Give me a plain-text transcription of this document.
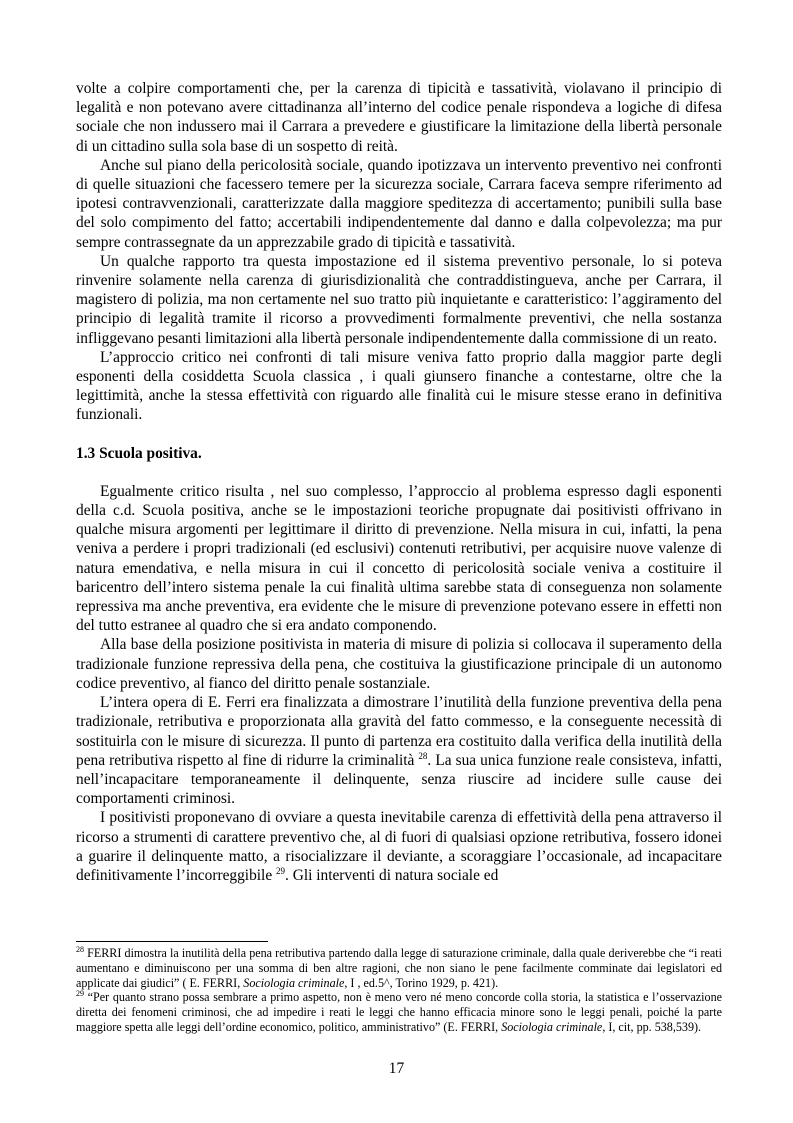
volte a colpire comportamenti che, per la carenza di tipicità e tassatività, violavano il principio di legalità e non potevano avere cittadinanza all’interno del codice penale rispondeva a logiche di difesa sociale che non indussero mai il Carrara a prevedere e giustificare la limitazione della libertà personale di un cittadino sulla sola base di un sospetto di reità.

Anche sul piano della pericolosità sociale, quando ipotizzava un intervento preventivo nei confronti di quelle situazioni che facessero temere per la sicurezza sociale, Carrara faceva sempre riferimento ad ipotesi contravvenzionali, caratterizzate dalla maggiore speditezza di accertamento; punibili sulla base del solo compimento del fatto; accertabili indipendentemente dal danno e dalla colpevolezza; ma pur sempre contrassegnate da un apprezzabile grado di tipicità e tassatività.

Un qualche rapporto tra questa impostazione ed il sistema preventivo personale, lo si poteva rinvenire solamente nella carenza di giurisdizionalità che contraddistingueva, anche per Carrara, il magistero di polizia, ma non certamente nel suo tratto più inquietante e caratteristico: l’aggiramento del principio di legalità tramite il ricorso a provvedimenti formalmente preventivi, che nella sostanza infliggevano pesanti limitazioni alla libertà personale indipendentemente dalla commissione di un reato.

L’approccio critico nei confronti di tali misure veniva fatto proprio dalla maggior parte degli esponenti della cosiddetta Scuola classica , i quali giunsero finanche a contestarne, oltre che la legittimità, anche la stessa effettività con riguardo alle finalità cui le misure stesse erano in definitiva funzionali.

1.3 Scuola positiva.

Egualmente critico risulta , nel suo complesso, l’approccio al problema espresso dagli esponenti della c.d. Scuola positiva, anche se le impostazioni teoriche propugnate dai positivisti offrivano in qualche misura argomenti per legittimare il diritto di prevenzione. Nella misura in cui, infatti, la pena veniva a perdere i propri tradizionali (ed esclusivi) contenuti retributivi, per acquisire nuove valenze di natura emendativa, e nella misura in cui il concetto di pericolosità sociale veniva a costituire il baricentro dell’intero sistema penale la cui finalità ultima sarebbe stata di conseguenza non solamente repressiva ma anche preventiva, era evidente che le misure di prevenzione potevano essere in effetti non del tutto estranee al quadro che si era andato componendo.

Alla base della posizione positivista in materia di misure di polizia si collocava il superamento della tradizionale funzione repressiva della pena, che costituiva la giustificazione principale di un autonomo codice preventivo, al fianco del diritto penale sostanziale.

L’intera opera di E. Ferri era finalizzata a dimostrare l’inutilità della funzione preventiva della pena tradizionale, retributiva e proporzionata alla gravità del fatto commesso, e la conseguente necessità di sostituirla con le misure di sicurezza. Il punto di partenza era costituito dalla verifica della inutilità della pena retributiva rispetto al fine di ridurre la criminalità $^{28}$. La sua unica funzione reale consisteva, infatti, nell’incapacitare temporaneamente il delinquente, senza riuscire ad incidere sulle cause dei comportamenti criminosi.

I positivisti proponevano di ovviare a questa inevitabile carenza di effettività della pena attraverso il ricorso a strumenti di carattere preventivo che, al di fuori di qualsiasi opzione retributiva, fossero idonei a guarire il delinquente matto, a risocializzare il deviante, a scoraggiare l’occasionale, ad incapacitare definitivamente l’incorreggibile $^{29}$. Gli interventi di natura sociale ed

$^{28}$ FERRI dimostra la inutilità della pena retributiva partendo dalla legge di saturazione criminale, dalla quale deriverebbe che “i reati aumentano e diminuiscono per una somma di ben altre ragioni, che non siano le pene facilmente comminate dai legislatori ed applicate dai giudici” ( E. FERRI, Sociologia criminale, I , ed.5^, Torino 1929, p. 421).

$^{29}$ “Per quanto strano possa sembrare a primo aspetto, non è meno vero né meno concorde colla storia, la statistica e l’osservazione diretta dei fenomeni criminosi, che ad impedire i reati le leggi che hanno efficacia minore sono le leggi penali, poiché la parte maggiore spetta alle leggi dell’ordine economico, politico, amministrativo” (E. FERRI, Sociologia criminale, I, cit, pp. 538,539).

17
